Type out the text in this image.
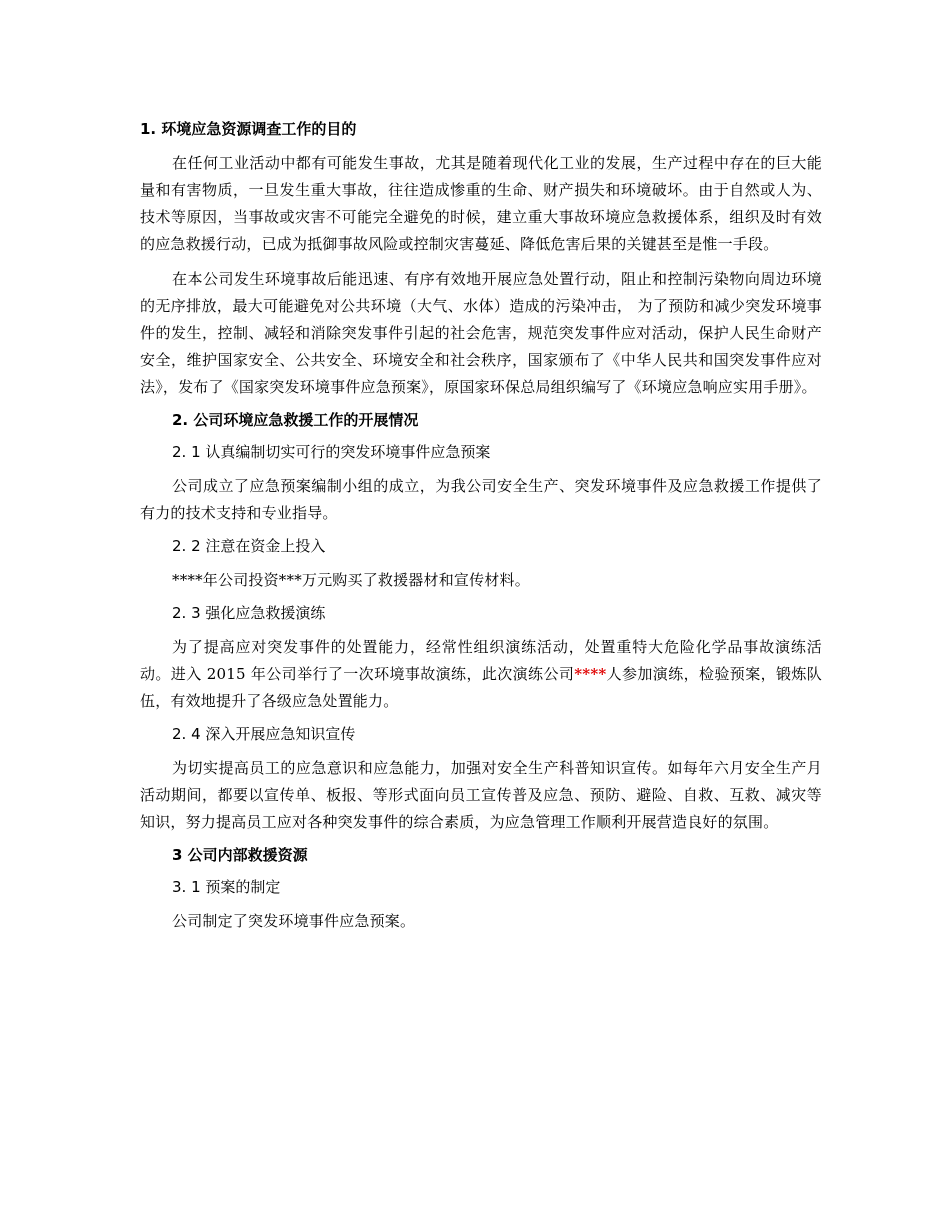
1. 环境应急资源调查工作的目的

在任何工业活动中都有可能发生事故，尤其是随着现代化工业的发展，生产过程中存在的巨大能量和有害物质，一旦发生重大事故，往往造成惨重的生命、财产损失和环境破坏。由于自然或人为、技术等原因，当事故或灾害不可能完全避免的时候，建立重大事故环境应急救援体系，组织及时有效的应急救援行动，已成为抵御事故风险或控制灾害蔓延、降低危害后果的关键甚至是惟一手段。

在本公司发生环境事故后能迅速、有序有效地开展应急处置行动，阻止和控制污染物向周边环境的无序排放，最大可能避免对公共环境（大气、水体）造成的污染冲击， 为了预防和减少突发环境事件的发生，控制、减轻和消除突发事件引起的社会危害，规范突发事件应对活动，保护人民生命财产安全，维护国家安全、公共安全、环境安全和社会秩序，国家颁布了《中华人民共和国突发事件应对法》，发布了《国家突发环境事件应急预案》，原国家环保总局组织编写了《环境应急响应实用手册》。

2. 公司环境应急救援工作的开展情况
2. 1 认真编制切实可行的突发环境事件应急预案

公司成立了应急预案编制小组的成立，为我公司安全生产、突发环境事件及应急救援工作提供了有力的技术支持和专业指导。

2. 2 注意在资金上投入

****年公司投资***万元购买了救援器材和宣传材料。

2. 3 强化应急救援演练

为了提高应对突发事件的处置能力，经常性组织演练活动，处置重特大危险化学品事故演练活动。进入 2015 年公司举行了一次环境事故演练，此次演练公司****人参加演练，检验预案，锻炼队伍，有效地提升了各级应急处置能力。

2. 4 深入开展应急知识宣传

为切实提高员工的应急意识和应急能力，加强对安全生产科普知识宣传。如每年六月安全生产月活动期间，都要以宣传单、板报、等形式面向员工宣传普及应急、预防、避险、自救、互救、减灾等知识，努力提高员工应对各种突发事件的综合素质，为应急管理工作顺利开展营造良好的氛围。

3 公司内部救援资源
3. 1 预案的制定

公司制定了突发环境事件应急预案。
